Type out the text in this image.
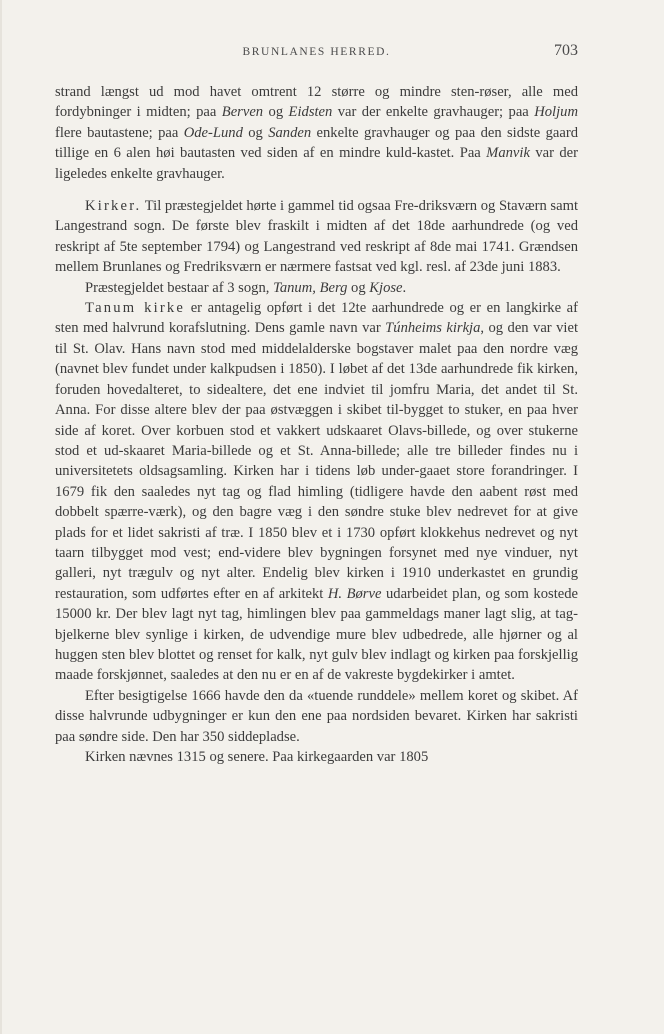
BRUNLANES HERRED.	703

strand længst ud mod havet omtrent 12 større og mindre sten-røser, alle med fordybninger i midten; paa Berven og Eidsten var der enkelte gravhauger; paa Holjum flere bautastene; paa Ode-Lund og Sanden enkelte gravhauger og paa den sidste gaard tillige en 6 alen høi bautasten ved siden af en mindre kuld-kastet. Paa Manvik var der ligeledes enkelte gravhauger.

Kirker. Til præstegjeldet hørte i gammel tid ogsaa Fre-driksværn og Staværn samt Langestrand sogn. De første blev fraskilt i midten af det 18de aarhundrede (og ved reskript af 5te september 1794) og Langestrand ved reskript af 8de mai 1741. Grændsen mellem Brunlanes og Fredriksværn er nærmere fastsat ved kgl. resl. af 23de juni 1883.

Præstegjeldet bestaar af 3 sogn, Tanum, Berg og Kjose.

Tanum kirke er antagelig opført i det 12te aarhundrede og er en langkirke af sten med halvrund korafslutning. Dens gamle navn var Túnheims kirkja, og den var viet til St. Olav. Hans navn stod med middelalderske bogstaver malet paa den nordre væg (navnet blev fundet under kalkpudsen i 1850). I løbet af det 13de aarhundrede fik kirken, foruden hovedalteret, to sidealtere, det ene indviet til jomfru Maria, det andet til St. Anna. For disse altere blev der paa østvæggen i skibet til-bygget to stuker, en paa hver side af koret. Over korbuen stod et vakkert udskaaret Olavs-billede, og over stukerne stod et ud-skaaret Maria-billede og et St. Anna-billede; alle tre billeder findes nu i universitetets oldsagsamling. Kirken har i tidens løb under-gaaet store forandringer. I 1679 fik den saaledes nyt tag og flad himling (tidligere havde den aabent røst med dobbelt spærre-værk), og den bagre væg i den søndre stuke blev nedrevet for at give plads for et lidet sakristi af træ. I 1850 blev et i 1730 opført klokkehus nedrevet og nyt taarn tilbygget mod vest; end-videre blev bygningen forsynet med nye vinduer, nyt galleri, nyt trægulv og nyt alter. Endelig blev kirken i 1910 underkastet en grundig restauration, som udførtes efter en af arkitekt H. Børve udarbeidet plan, og som kostede 15000 kr. Der blev lagt nyt tag, himlingen blev paa gammeldags maner lagt slig, at tag-bjelkerne blev synlige i kirken, de udvendige mure blev udbedrede, alle hjørner og al huggen sten blev blottet og renset for kalk, nyt gulv blev indlagt og kirken paa forskjellig maade forskjønnet, saaledes at den nu er en af de vakreste bygdekirker i amtet.

Efter besigtigelse 1666 havde den da «tuende runddele» mellem koret og skibet. Af disse halvrunde udbygninger er kun den ene paa nordsiden bevaret. Kirken har sakristi paa søndre side. Den har 350 siddepladse.

Kirken nævnes 1315 og senere. Paa kirkegaarden var 1805
